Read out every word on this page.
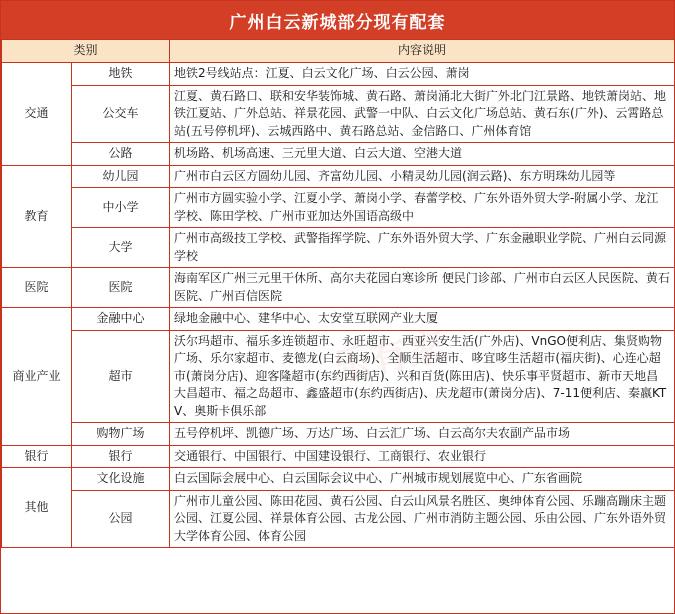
广州白云新城部分现有配套
类别		内容说明
交通	地铁	地铁2号线站点：江夏、白云文化广场、白云公园、萧岗
	公交车	江夏、黄石路口、联和安华装饰城、黄石路、萧岗涌北大街广外北门江景路、地铁萧岗站、地铁江夏站、广外总站、祥景花园、武警一中队、白云文化广场总站、黄石东(广外)、云霄路总站(五号停机坪)、云城西路中、黄石路总站、金信路口、广州体育馆
	公路	机场路、机场高速、三元里大道、白云大道、空港大道
教育	幼儿园	广州市白云区方圆幼儿园、齐富幼儿园、小精灵幼儿园(润云路)、东方明珠幼儿园等
	中小学	广州市方圆实验小学、江夏小学、萧岗小学、春蕾学校、广东外语外贸大学-附属小学、龙江学校、陈田学校、广州市亚加达外国语高级中
	大学	广州市高级技工学校、武警指挥学院、广东外语外贸大学、广东金融职业学院、广州白云同源学校
医院	医院	海南军区广州三元里干休所、高尔夫花园白寒诊所 便民门诊部、广州市白云区人民医院、黄石医院、广州百信医院
商业产业	金融中心	绿地金融中心、建华中心、太安堂互联网产业大厦
	超市	沃尔玛超市、福乐多连锁超市、永旺超市、西亚兴安生活(广外店)、VnGO便利店、集贤购物广场、乐尔家超市、麦德龙(白云商场)、全顺生活超市、哆宜哆生活超市(福庆街)、心连心超市(萧岗分店)、迎客隆超市(东约西街店)、兴和百货(陈田店)、快乐事平贤超市、新市天地昌大昌超市、福之岛超市、鑫盛超市(东约西街店)、庆龙超市(萧岗分店)、7-11便利店、秦嬴KTV、奥斯卡俱乐部
	购物广场	五号停机坪、凯德广场、万达广场、白云汇广场、白云高尔夫农副产品市场
银行	银行	交通银行、中国银行、中国建设银行、工商银行、农业银行
其他	文化设施	白云国际会展中心、白云国际会议中心、广州城市规划展览中心、广东省画院
	公园	广州市儿童公园、陈田花园、黄石公园、白云山风景名胜区、奥绅体育公园、乐蹦高蹦床主题公园、江夏公园、祥景体育公园、古龙公园、广州市消防主题公园、乐由公园、广东外语外贸大学体育公园、体育公园
乐有家
